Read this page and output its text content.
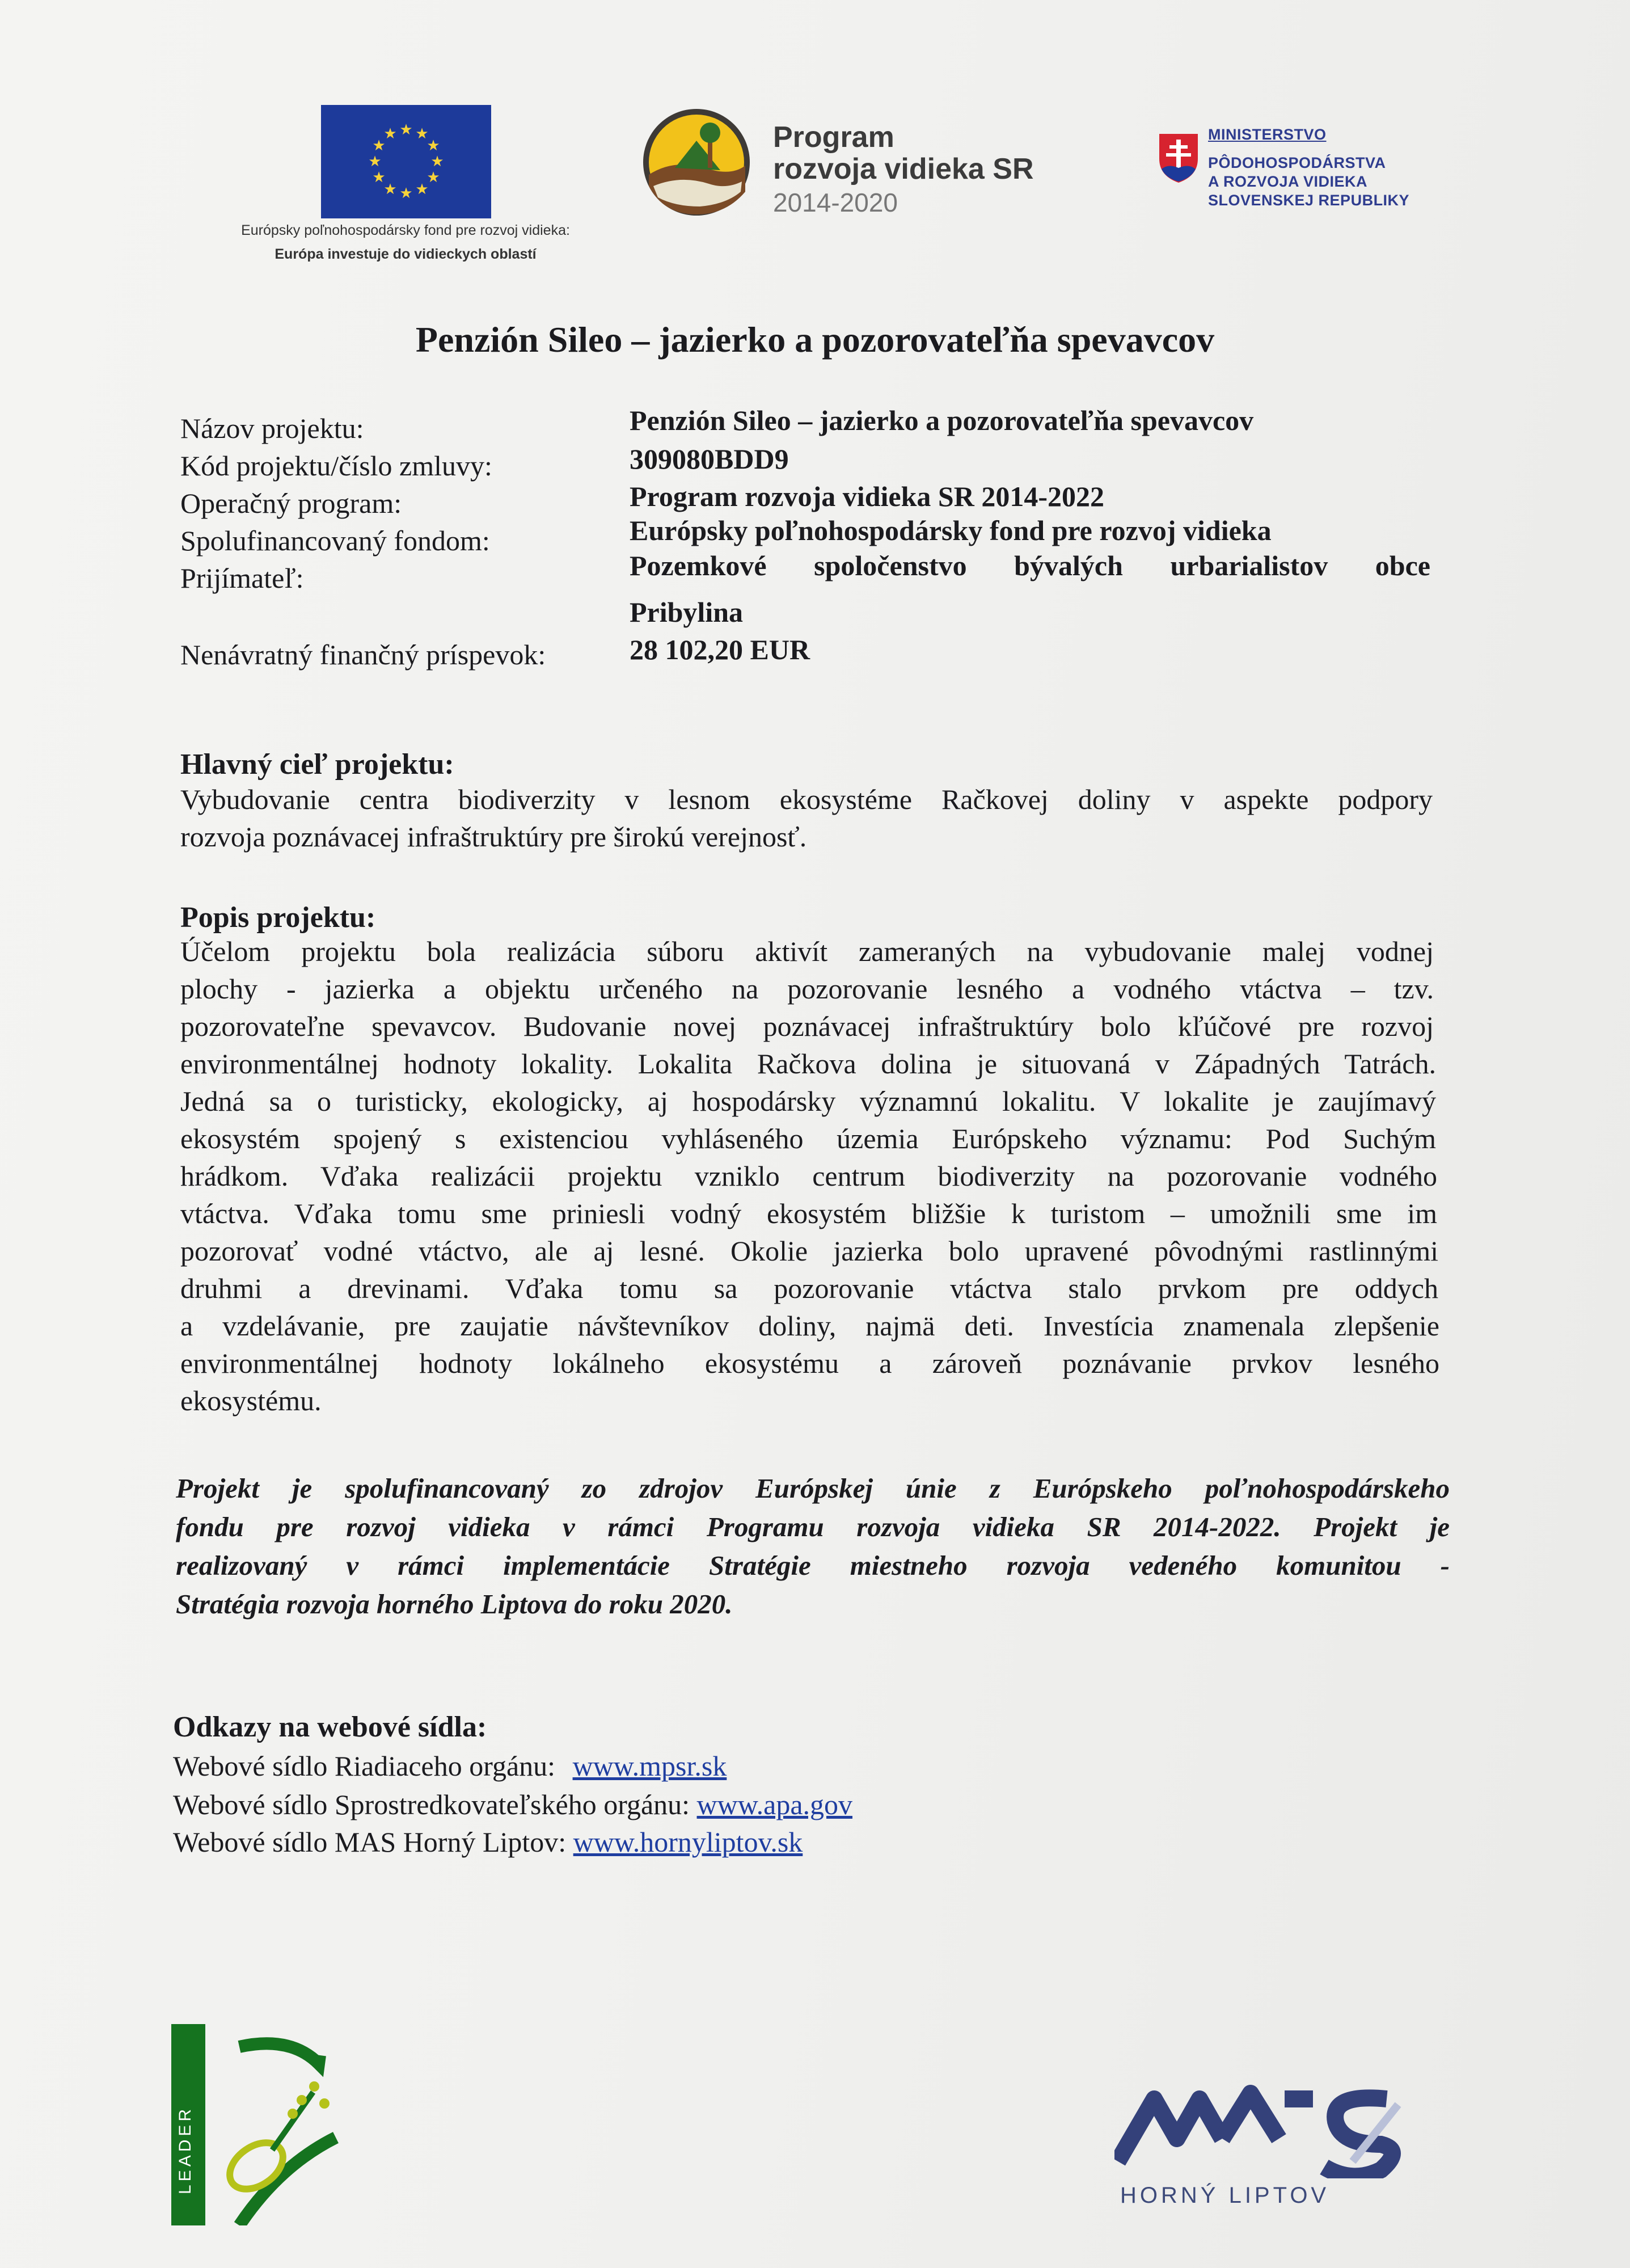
★ ★
★
★
★
★
★
★
★
★
★
★
Európsky poľnohospodársky fond pre rozvoj vidieka:
Európa investuje do vidieckych oblastí
Program
rozvoja vidieka SR
2014-2020
MINISTERSTVO
PÔDOHOSPODÁRSTVA
A ROZVOJA VIDIEKA
SLOVENSKEJ REPUBLIKY
Penzión Sileo – jazierko a pozorovateľňa spevavcov
Názov projektu:	Penzión Sileo – jazierko a pozorovateľňa spevavcov
Kód projektu/číslo zmluvy:	309080BDD9
Operačný program:	Program rozvoja vidieka SR 2014-2022
Spolufinancovaný fondom:	Európsky poľnohospodársky fond pre rozvoj vidieka
Prijímateľ:	Pozemkové spoločenstvo bývalých urbarialistov obce
Pribylina
Nenávratný finančný príspevok:	28 102,20 EUR
Hlavný cieľ projektu:
Vybudovanie centra biodiverzity v lesnom ekosystéme Račkovej doliny v aspekte podpory
rozvoja poznávacej infraštruktúry pre širokú verejnosť.
Popis projektu:
Účelom projektu bola realizácia súboru aktivít zameraných na vybudovanie malej vodnej
plochy - jazierka a objektu určeného na pozorovanie lesného a vodného vtáctva – tzv.
pozorovateľne spevavcov. Budovanie novej poznávacej infraštruktúry bolo kľúčové pre rozvoj
environmentálnej hodnoty lokality. Lokalita Račkova dolina je situovaná v Západných Tatrách.
Jedná sa o turisticky, ekologicky, aj hospodársky významnú lokalitu. V lokalite je zaujímavý
ekosystém spojený s existenciou vyhláseného územia Európskeho významu: Pod Suchým
hrádkom. Vďaka realizácii projektu vzniklo centrum biodiverzity na pozorovanie vodného
vtáctva. Vďaka tomu sme priniesli vodný ekosystém bližšie k turistom – umožnili sme im
pozorovať vodné vtáctvo, ale aj lesné. Okolie jazierka bolo upravené pôvodnými rastlinnými
druhmi a drevinami. Vďaka tomu sa pozorovanie vtáctva stalo prvkom pre oddych
a vzdelávanie, pre zaujatie návštevníkov doliny, najmä deti. Investícia znamenala zlepšenie
environmentálnej hodnoty lokálneho ekosystému a zároveň poznávanie prvkov lesného
ekosystému.
Projekt je spolufinancovaný zo zdrojov Európskej únie z Európskeho poľnohospodárskeho
fondu pre rozvoj vidieka v rámci Programu rozvoja vidieka SR 2014-2022. Projekt je
realizovaný v rámci implementácie Stratégie miestneho rozvoja vedeného komunitou -
Stratégia rozvoja horného Liptova do roku 2020.
Odkazy na webové sídla:
Webové sídlo Riadiaceho orgánu: www.mpsr.sk
Webové sídlo Sprostredkovateľského orgánu: www.apa.gov
Webové sídlo MAS Horný Liptov: www.hornyliptov.sk
LEADER
HORNÝ LIPTOV
